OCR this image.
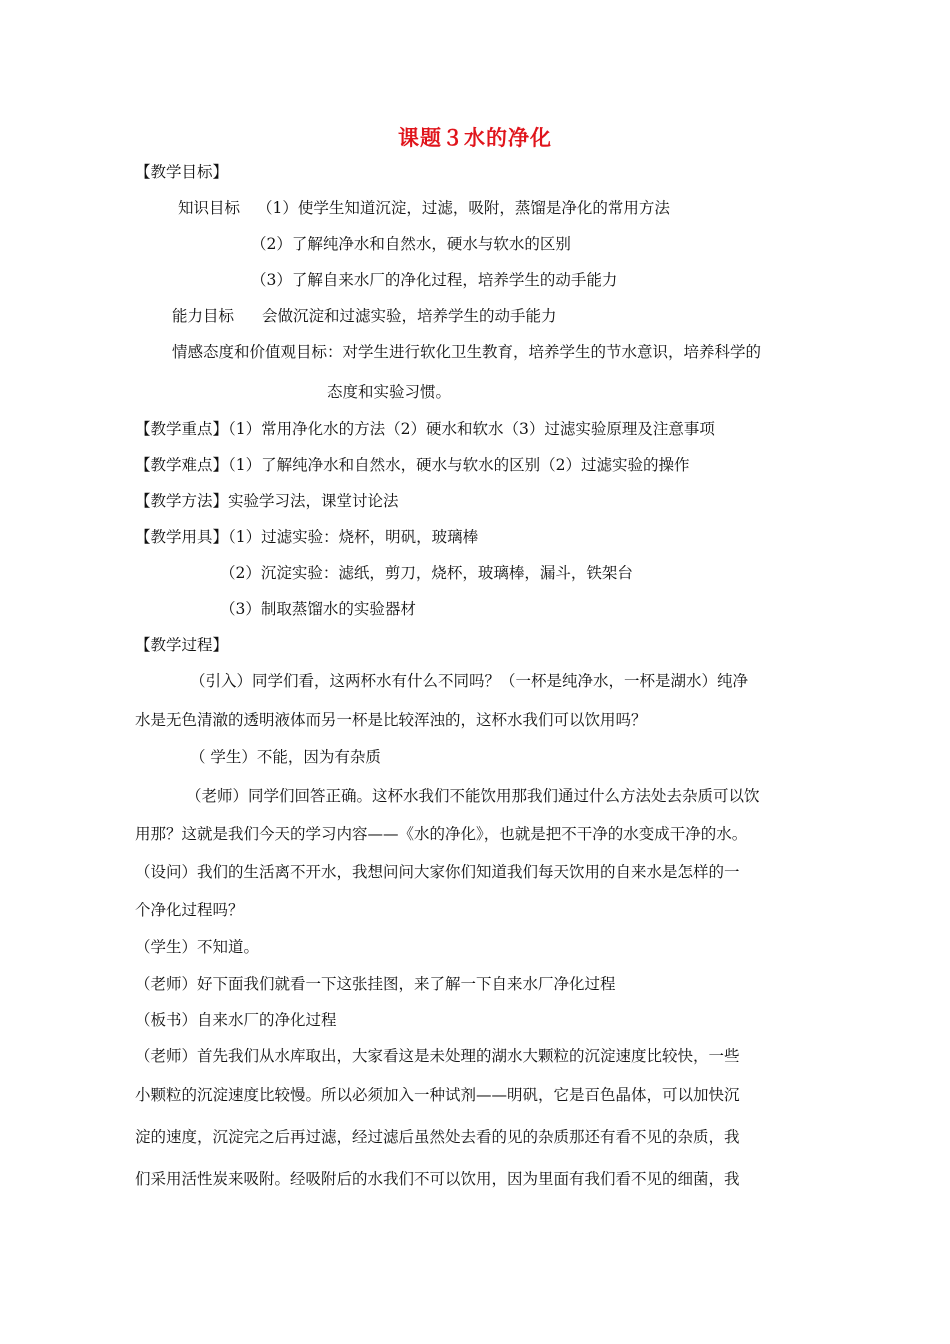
课题３水的净化
【教学目标】
知识目标 （1）使学生知道沉淀，过滤，吸附，蒸馏是净化的常用方法
（2）了解纯净水和自然水，硬水与软水的区别
（3）了解自来水厂的净化过程，培养学生的动手能力
能力目标 会做沉淀和过滤实验，培养学生的动手能力
情感态度和价值观目标：对学生进行软化卫生教育，培养学生的节水意识，培养科学的
态度和实验习惯。
【教学重点】（1）常用净化水的方法（2）硬水和软水（3）过滤实验原理及注意事项
【教学难点】（1）了解纯净水和自然水，硬水与软水的区别（2）过滤实验的操作
【教学方法】实验学习法，课堂讨论法
【教学用具】（1）过滤实验：烧杯，明矾，玻璃棒
（2）沉淀实验：滤纸，剪刀，烧杯，玻璃棒，漏斗，铁架台
（3）制取蒸馏水的实验器材
【教学过程】
（引入）同学们看，这两杯水有什么不同吗？（一杯是纯净水，一杯是湖水）纯净
水是无色清澈的透明液体而另一杯是比较浑浊的，这杯水我们可以饮用吗？
（ 学生）不能，因为有杂质
（老师）同学们回答正确。这杯水我们不能饮用那我们通过什么方法处去杂质可以饮
用那？这就是我们今天的学习内容——《水的净化》，也就是把不干净的水变成干净的水。
（设问）我们的生活离不开水，我想问问大家你们知道我们每天饮用的自来水是怎样的一
个净化过程吗？
（学生）不知道。
（老师）好下面我们就看一下这张挂图，来了解一下自来水厂净化过程
（板书）自来水厂的净化过程
（老师）首先我们从水库取出，大家看这是未处理的湖水大颗粒的沉淀速度比较快，一些
小颗粒的沉淀速度比较慢。所以必须加入一种试剂——明矾，它是百色晶体，可以加快沉
淀的速度，沉淀完之后再过滤，经过滤后虽然处去看的见的杂质那还有看不见的杂质，我
们采用活性炭来吸附。经吸附后的水我们不可以饮用，因为里面有我们看不见的细菌，我
